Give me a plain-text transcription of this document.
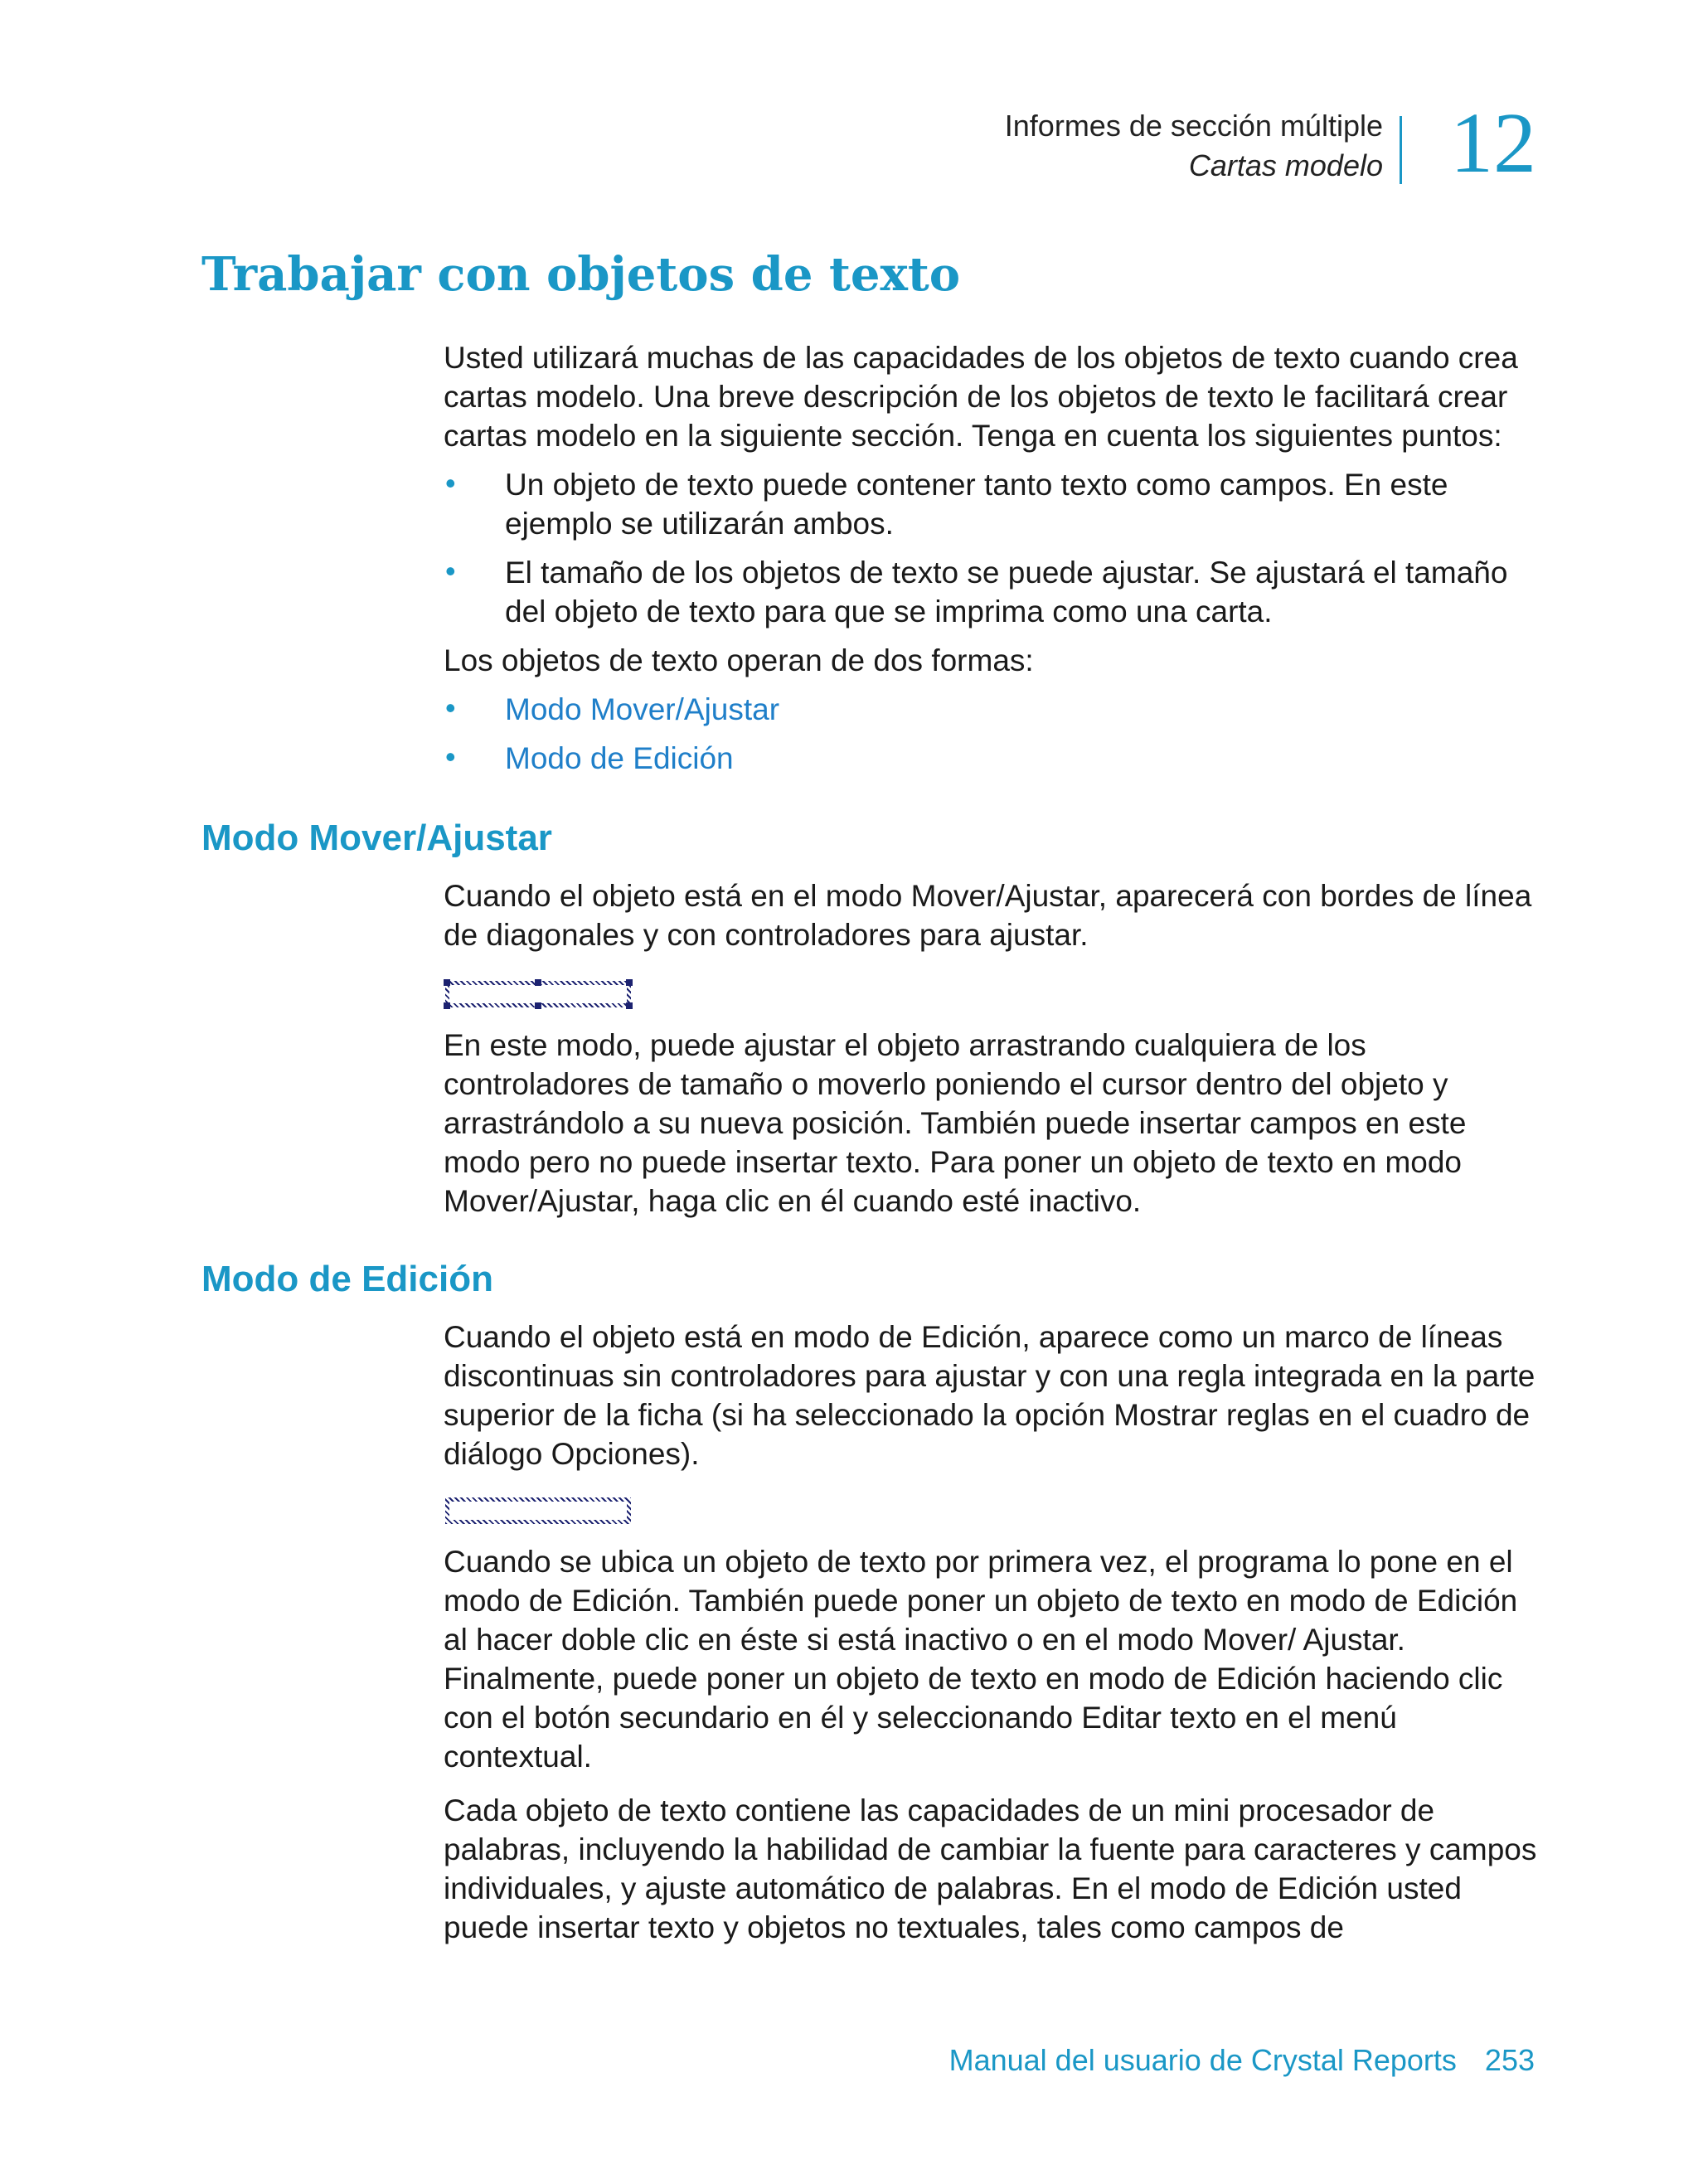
Informes de sección múltiple
Cartas modelo 12
Trabajar con objetos de texto

Usted utilizará muchas de las capacidades de los objetos de texto cuando crea cartas modelo. Una breve descripción de los objetos de texto le facilitará crear cartas modelo en la siguiente sección. Tenga en cuenta los siguientes puntos:

• Un objeto de texto puede contener tanto texto como campos. En este ejemplo se utilizarán ambos.
• El tamaño de los objetos de texto se puede ajustar. Se ajustará el tamaño del objeto de texto para que se imprima como una carta.

Los objetos de texto operan de dos formas:

• Modo Mover/Ajustar
• Modo de Edición
Modo Mover/Ajustar

Cuando el objeto está en el modo Mover/Ajustar, aparecerá con bordes de línea de diagonales y con controladores para ajustar.

En este modo, puede ajustar el objeto arrastrando cualquiera de los controladores de tamaño o moverlo poniendo el cursor dentro del objeto y arrastrándolo a su nueva posición. También puede insertar campos en este modo pero no puede insertar texto. Para poner un objeto de texto en modo Mover/Ajustar, haga clic en él cuando esté inactivo.

Modo de Edición

Cuando el objeto está en modo de Edición, aparece como un marco de líneas discontinuas sin controladores para ajustar y con una regla integrada en la parte superior de la ficha (si ha seleccionado la opción Mostrar reglas en el cuadro de diálogo Opciones).

Cuando se ubica un objeto de texto por primera vez, el programa lo pone en el modo de Edición. También puede poner un objeto de texto en modo de Edición al hacer doble clic en éste si está inactivo o en el modo Mover/ Ajustar. Finalmente, puede poner un objeto de texto en modo de Edición haciendo clic con el botón secundario en él y seleccionando Editar texto en el menú contextual.

Cada objeto de texto contiene las capacidades de un mini procesador de palabras, incluyendo la habilidad de cambiar la fuente para caracteres y campos individuales, y ajuste automático de palabras. En el modo de Edición usted puede insertar texto y objetos no textuales, tales como campos de

Manual del usuario de Crystal Reports 253
